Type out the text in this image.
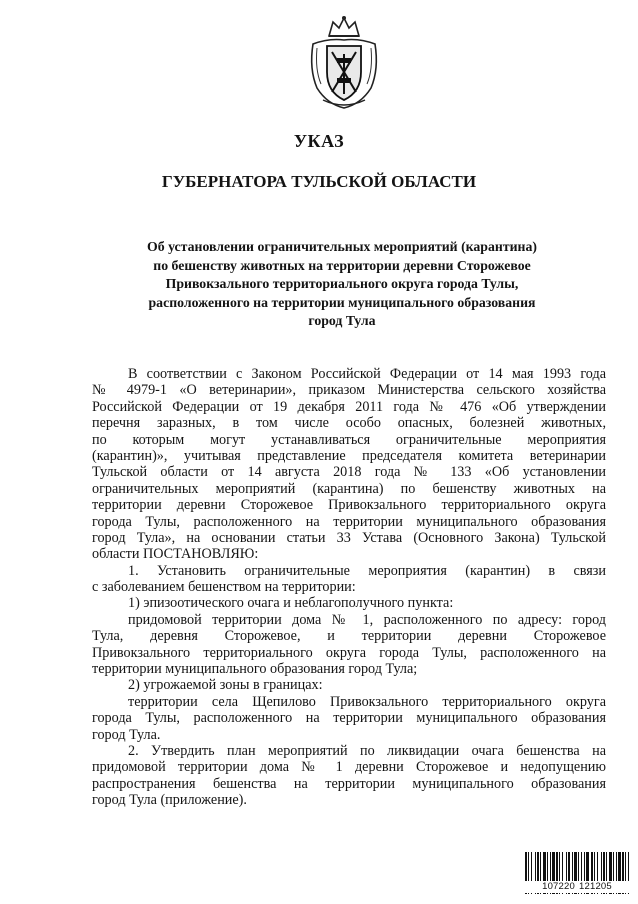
УКАЗ
ГУБЕРНАТОРА ТУЛЬСКОЙ ОБЛАСТИ
Об установлении ограничительных мероприятий (карантина)
по бешенству животных на территории деревни Сторожевое
Привокзального территориального округа города Тулы,
расположенного на территории муниципального образования
город Тула
В соответствии с Законом Российской Федерации от 14 мая 1993 года
№ 4979-1 «О ветеринарии», приказом Министерства сельского хозяйства
Российской Федерации от 19 декабря 2011 года № 476 «Об утверждении
перечня заразных, в том числе особо опасных, болезней животных,
по которым могут устанавливаться ограничительные мероприятия
(карантин)», учитывая представление председателя комитета ветеринарии
Тульской области от 14 августа 2018 года № 133 «Об установлении
ограничительных мероприятий (карантина) по бешенству животных на
территории деревни Сторожевое Привокзального территориального округа
города Тулы, расположенного на территории муниципального образования
город Тула», на основании статьи 33 Устава (Основного Закона) Тульской
области ПОСТАНОВЛЯЮ:
1. Установить ограничительные мероприятия (карантин) в связи
с заболеванием бешенством на территории:
1) эпизоотического очага и неблагополучного пункта:
придомовой территории дома № 1, расположенного по адресу: город
Тула, деревня Сторожевое, и территории деревни Сторожевое
Привокзального территориального округа города Тулы, расположенного на
территории муниципального образования город Тула;
2) угрожаемой зоны в границах:
территории села Щепилово Привокзального территориального округа
города Тулы, расположенного на территории муниципального образования
город Тула.
2. Утвердить план мероприятий по ликвидации очага бешенства на
придомовой территории дома № 1 деревни Сторожевое и недопущению
распространения бешенства на территории муниципального образования
город Тула (приложение).
107220 121205
